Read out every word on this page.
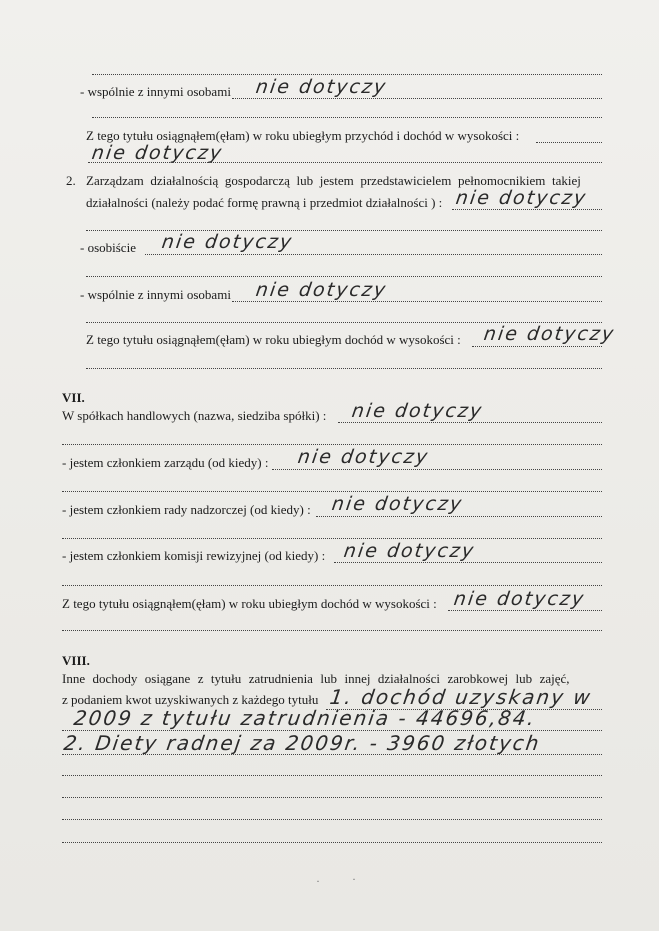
- wspólnie z innymi osobami nie dotyczy
Z tego tytułu osiągnąłem(ęłam) w roku ubiegłym przychód i dochód w wysokości :
nie dotyczy
2. Zarządzam działalnością gospodarczą lub jestem przedstawicielem pełnomocnikiem takiej
działalności (należy podać formę prawną i przedmiot działalności ) : nie dotyczy
- osobiście nie dotyczy
- wspólnie z innymi osobami nie dotyczy
Z tego tytułu osiągnąłem(ęłam) w roku ubiegłym dochód w wysokości : nie dotyczy
VII.
W spółkach handlowych (nazwa, siedziba spółki) : nie dotyczy
- jestem członkiem zarządu (od kiedy) : nie dotyczy
- jestem członkiem rady nadzorczej (od kiedy) : nie dotyczy
- jestem członkiem komisji rewizyjnej (od kiedy) : nie dotyczy
Z tego tytułu osiągnąłem(ęłam) w roku ubiegłym dochód w wysokości : nie dotyczy
VIII.
Inne dochody osiągane z tytułu zatrudnienia lub innej działalności zarobkowej lub zajęć,
z podaniem kwot uzyskiwanych z każdego tytułu 1. dochód uzyskany w
2009 z tytułu zatrudnienia - 44696,84.
2. Diety radnej za 2009r. - 3960 złotych
·	·
